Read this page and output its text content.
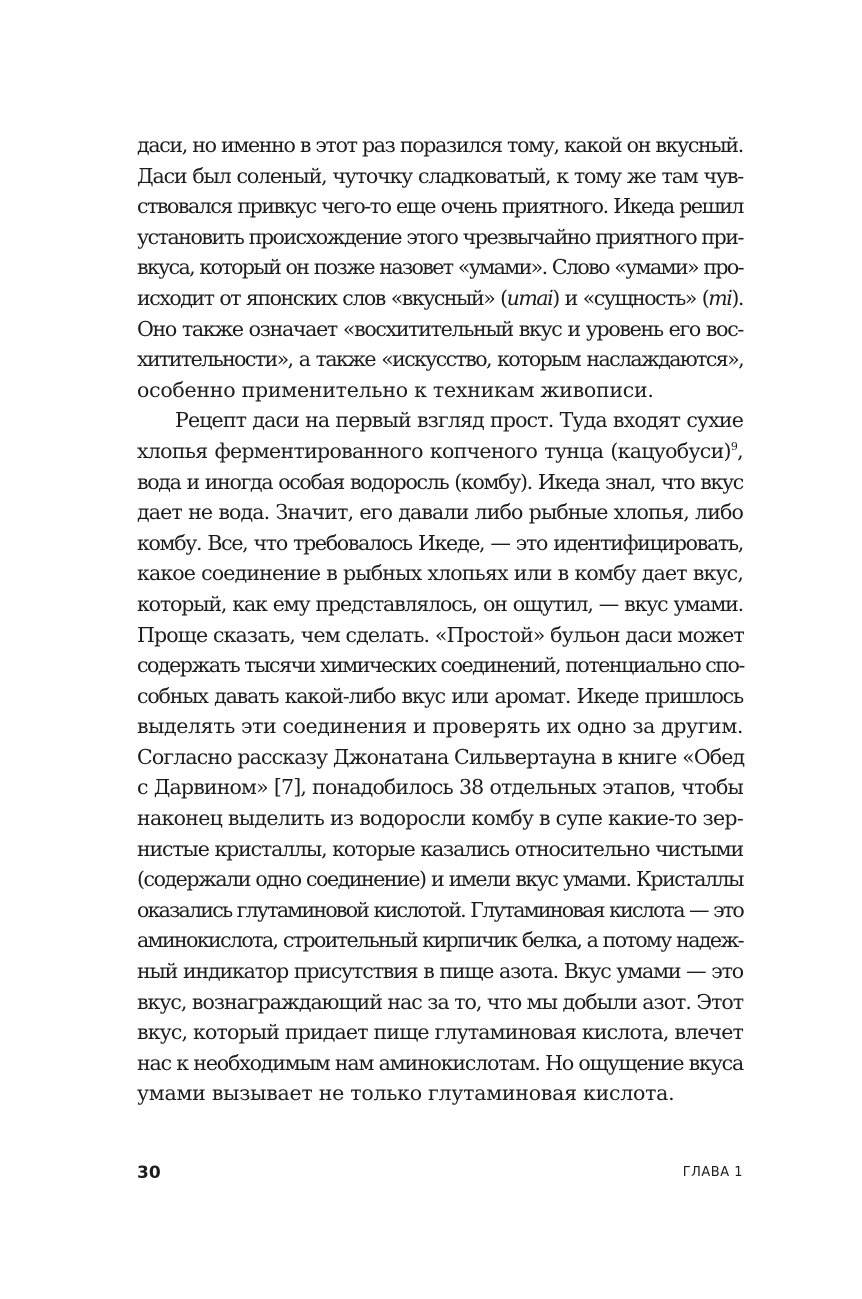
даси, но именно в этот раз поразился тому, какой он вкусный.
Даси был соленый, чуточку сладковатый, к тому же там чув-
ствовался привкус чего-то еще очень приятного. Икеда решил
установить происхождение этого чрезвычайно приятного при-
вкуса, который он позже назовет «умами». Слово «умами» про-
исходит от японских слов «вкусный» (umai) и «сущность» (mi).
Оно также означает «восхитительный вкус и уровень его вос-
хитительности», а также «искусство, которым наслаждаются»,
особенно применительно к техникам живописи.
Рецепт даси на первый взгляд прост. Туда входят сухие
хлопья ферментированного копченого тунца (кацуобуси)$^9$,
вода и иногда особая водоросль (комбу). Икеда знал, что вкус
дает не вода. Значит, его давали либо рыбные хлопья, либо
комбу. Все, что требовалось Икеде, — это идентифицировать,
какое соединение в рыбных хлопьях или в комбу дает вкус,
который, как ему представлялось, он ощутил, — вкус умами.
Проще сказать, чем сделать. «Простой» бульон даси может
содержать тысячи химических соединений, потенциально спо-
собных давать какой-либо вкус или аромат. Икеде пришлось
выделять эти соединения и проверять их одно за другим.
Согласно рассказу Джонатана Сильвертауна в книге «Обед
с Дарвином» [7], понадобилось 38 отдельных этапов, чтобы
наконец выделить из водоросли комбу в супе какие-то зер-
нистые кристаллы, которые казались относительно чистыми
(содержали одно соединение) и имели вкус умами. Кристаллы
оказались глутаминовой кислотой. Глутаминовая кислота — это
аминокислота, строительный кирпичик белка, а потому надеж-
ный индикатор присутствия в пище азота. Вкус умами — это
вкус, вознаграждающий нас за то, что мы добыли азот. Этот
вкус, который придает пище глутаминовая кислота, влечет
нас к необходимым нам аминокислотам. Но ощущение вкуса
умами вызывает не только глутаминовая кислота.
30	ГЛАВА 1
